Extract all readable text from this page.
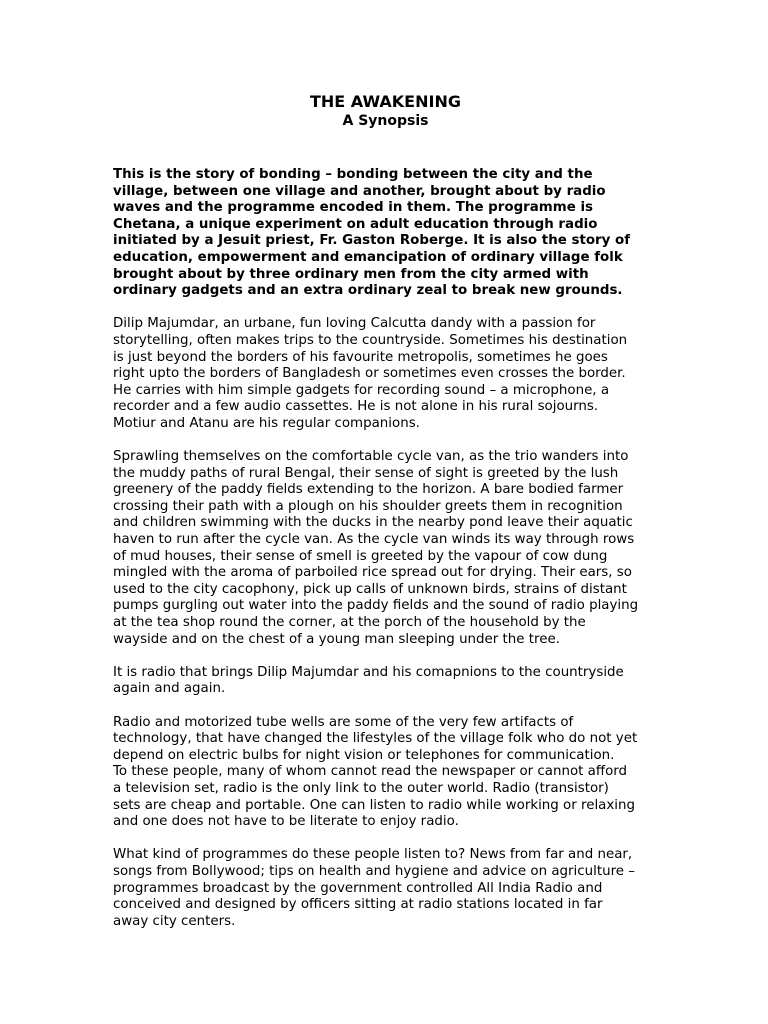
THE AWAKENING
A Synopsis

This is the story of bonding – bonding between the city and the
village, between one village and another, brought about by radio
waves and the programme encoded in them. The programme is
Chetana, a unique experiment on adult education through radio
initiated by a Jesuit priest, Fr. Gaston Roberge. It is also the story of
education, empowerment and emancipation of ordinary village folk
brought about by three ordinary men from the city armed with
ordinary gadgets and an extra ordinary zeal to break new grounds.

Dilip Majumdar, an urbane, fun loving Calcutta dandy with a passion for
storytelling, often makes trips to the countryside. Sometimes his destination
is just beyond the borders of his favourite metropolis, sometimes he goes
right upto the borders of Bangladesh or sometimes even crosses the border.
He carries with him simple gadgets for recording sound – a microphone, a
recorder and a few audio cassettes. He is not alone in his rural sojourns.
Motiur and Atanu are his regular companions.

Sprawling themselves on the comfortable cycle van, as the trio wanders into
the muddy paths of rural Bengal, their sense of sight is greeted by the lush
greenery of the paddy fields extending to the horizon. A bare bodied farmer
crossing their path with a plough on his shoulder greets them in recognition
and children swimming with the ducks in the nearby pond leave their aquatic
haven to run after the cycle van. As the cycle van winds its way through rows
of mud houses, their sense of smell is greeted by the vapour of cow dung
mingled with the aroma of parboiled rice spread out for drying. Their ears, so
used to the city cacophony, pick up calls of unknown birds, strains of distant
pumps gurgling out water into the paddy fields and the sound of radio playing
at the tea shop round the corner, at the porch of the household by the
wayside and on the chest of a young man sleeping under the tree.

It is radio that brings Dilip Majumdar and his comapnions to the countryside
again and again.

Radio and motorized tube wells are some of the very few artifacts of
technology, that have changed the lifestyles of the village folk who do not yet
depend on electric bulbs for night vision or telephones for communication.
To these people, many of whom cannot read the newspaper or cannot afford
a television set, radio is the only link to the outer world. Radio (transistor)
sets are cheap and portable. One can listen to radio while working or relaxing
and one does not have to be literate to enjoy radio.

What kind of programmes do these people listen to? News from far and near,
songs from Bollywood; tips on health and hygiene and advice on agriculture –
programmes broadcast by the government controlled All India Radio and
conceived and designed by officers sitting at radio stations located in far
away city centers.
